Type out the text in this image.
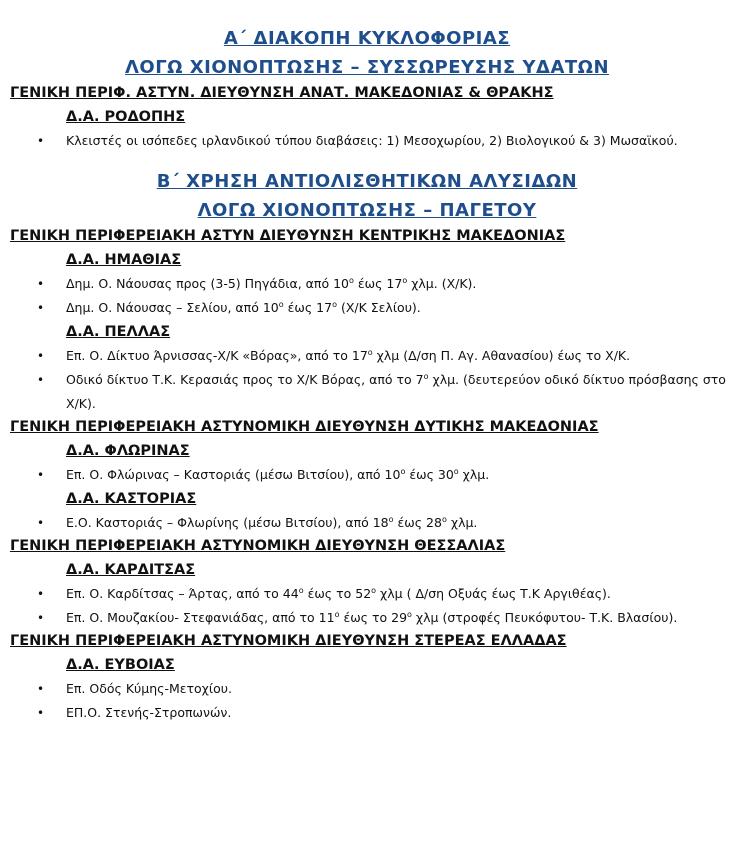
Α΄ ΔΙΑΚΟΠΗ ΚΥΚΛΟΦΟΡΙΑΣ
ΛΟΓΩ ΧΙΟΝΟΠΤΩΣΗΣ – ΣΥΣΣΩΡΕΥΣΗΣ ΥΔΑΤΩΝ
ΓΕΝΙΚΗ ΠΕΡΙΦ. ΑΣΤΥΝ. ΔΙΕΥΘΥΝΣΗ ΑΝΑΤ. ΜΑΚΕΔΟΝΙΑΣ & ΘΡΑΚΗΣ
Δ.Α. ΡΟΔΟΠΗΣ
• Κλειστές οι ισόπεδες ιρλανδικού τύπου διαβάσεις: 1) Μεσοχωρίου, 2) Βιολογικού & 3) Μωσαϊκού.
Β΄ ΧΡΗΣΗ ΑΝΤΙΟΛΙΣΘΗΤΙΚΩΝ ΑΛΥΣΙΔΩΝ
ΛΟΓΩ ΧΙΟΝΟΠΤΩΣΗΣ – ΠΑΓΕΤΟΥ
ΓΕΝΙΚΗ ΠΕΡΙΦΕΡΕΙΑΚΗ ΑΣΤΥΝ ΔΙΕΥΘΥΝΣΗ ΚΕΝΤΡΙΚΗΣ ΜΑΚΕΔΟΝΙΑΣ
Δ.Α. ΗΜΑΘΙΑΣ
• Δημ. Ο. Νάουσας προς (3-5) Πηγάδια, από $10^o$ έως $17^o$ χλμ. (Χ/Κ).
• Δημ. Ο. Νάουσας – Σελίου, από $10^o$ έως $17^o$ (Χ/Κ Σελίου).
Δ.Α. ΠΕΛΛΑΣ
• Επ. Ο. Δίκτυο Άρνισσας-Χ/Κ «Βόρας», από το $17^o$ χλμ (Δ/ση Π. Αγ. Αθανασίου) έως το Χ/Κ.
• Οδικό δίκτυο Τ.Κ. Κερασιάς προς το Χ/Κ Βόρας, από το $7^o$ χλμ. (δευτερεύον οδικό δίκτυο πρόσβασης στο Χ/Κ).
ΓΕΝΙΚΗ ΠΕΡΙΦΕΡΕΙΑΚΗ ΑΣΤΥΝΟΜΙΚΗ ΔΙΕΥΘΥΝΣΗ ΔΥΤΙΚΗΣ ΜΑΚΕΔΟΝΙΑΣ
Δ.Α. ΦΛΩΡΙΝΑΣ
• Επ. Ο. Φλώρινας – Καστοριάς (μέσω Βιτσίου), από $10^o$ έως $30^o$ χλμ.
Δ.Α. ΚΑΣΤΟΡΙΑΣ
• Ε.Ο. Καστοριάς – Φλωρίνης (μέσω Βιτσίου), από $18^o$ έως $28^o$ χλμ.
ΓΕΝΙΚΗ ΠΕΡΙΦΕΡΕΙΑΚΗ ΑΣΤΥΝΟΜΙΚΗ ΔΙΕΥΘΥΝΣΗ ΘΕΣΣΑΛΙΑΣ
Δ.Α. ΚΑΡΔΙΤΣΑΣ
• Επ. Ο. Καρδίτσας – Άρτας, από το $44^o$ έως το $52^o$ χλμ ( Δ/ση Οξυάς έως Τ.Κ Αργιθέας).
• Επ. Ο. Μουζακίου- Στεφανιάδας, από το $11^o$ έως το $29^o$ χλμ (στροφές Πευκόφυτου- Τ.Κ. Βλασίου).
ΓΕΝΙΚΗ ΠΕΡΙΦΕΡΕΙΑΚΗ ΑΣΤΥΝΟΜΙΚΗ ΔΙΕΥΘΥΝΣΗ ΣΤΕΡΕΑΣ ΕΛΛΑΔΑΣ
Δ.Α. ΕΥΒΟΙΑΣ
• Επ. Οδός Κύμης-Μετοχίου.
• ΕΠ.Ο. Στενής-Στροπωνών.
